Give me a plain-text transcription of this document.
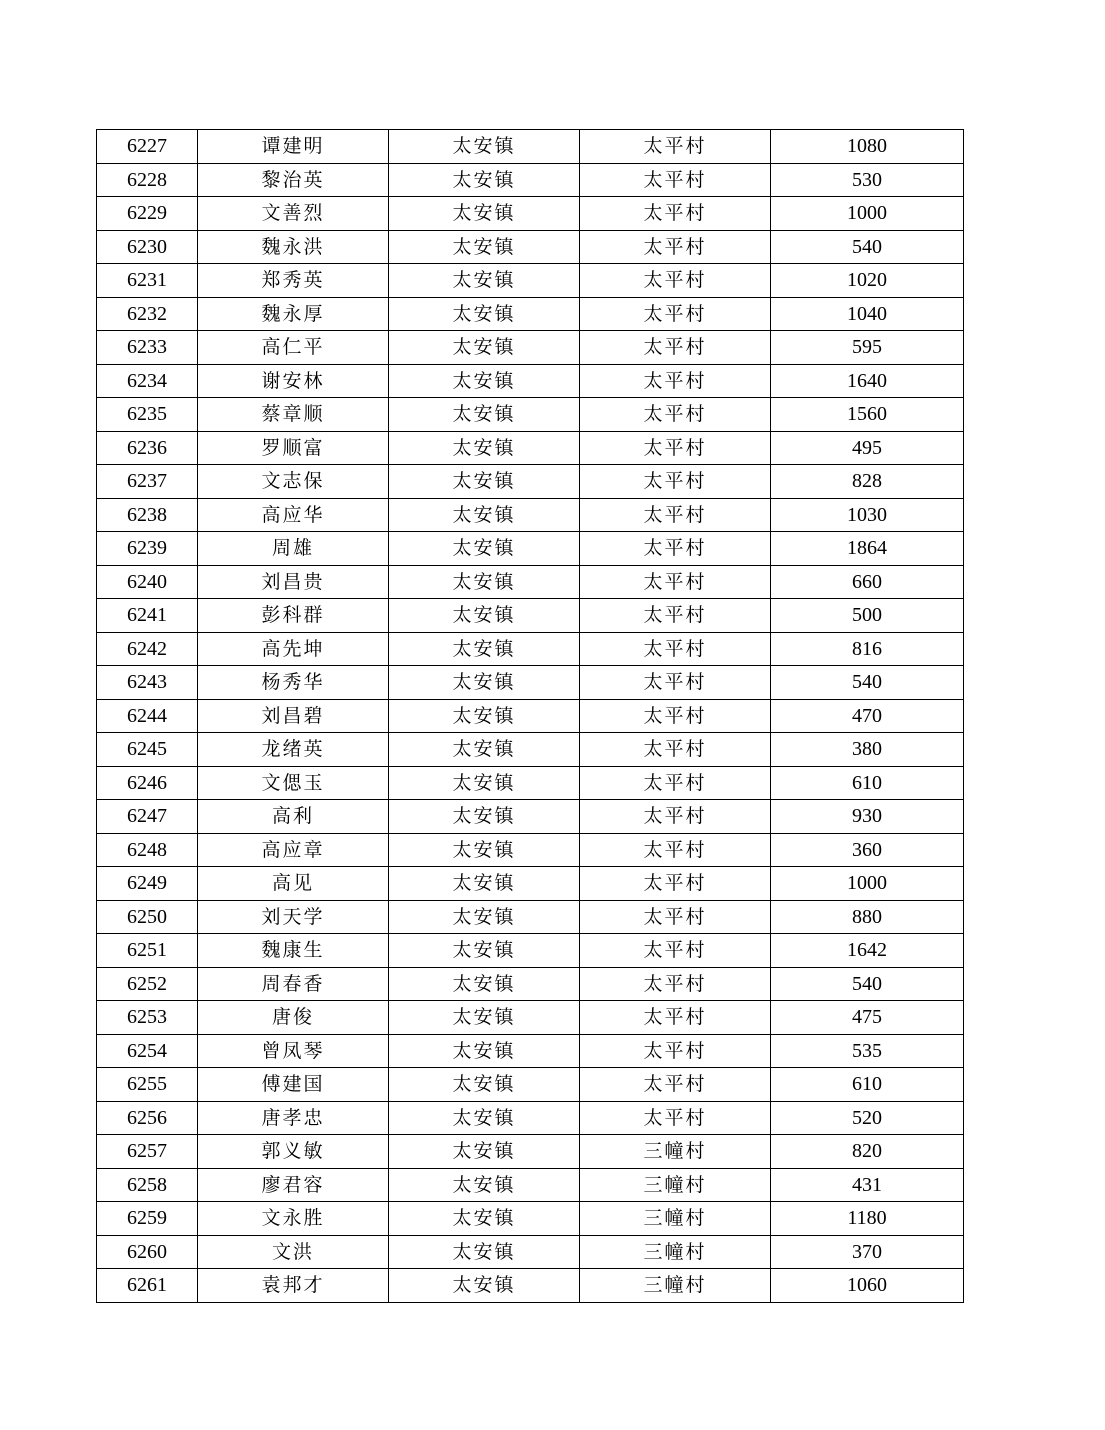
6227	谭建明	太安镇	太平村	1080
6228	黎治英	太安镇	太平村	530
6229	文善烈	太安镇	太平村	1000
6230	魏永洪	太安镇	太平村	540
6231	郑秀英	太安镇	太平村	1020
6232	魏永厚	太安镇	太平村	1040
6233	高仁平	太安镇	太平村	595
6234	谢安林	太安镇	太平村	1640
6235	蔡章顺	太安镇	太平村	1560
6236	罗顺富	太安镇	太平村	495
6237	文志保	太安镇	太平村	828
6238	高应华	太安镇	太平村	1030
6239	周雄	太安镇	太平村	1864
6240	刘昌贵	太安镇	太平村	660
6241	彭科群	太安镇	太平村	500
6242	高先坤	太安镇	太平村	816
6243	杨秀华	太安镇	太平村	540
6244	刘昌碧	太安镇	太平村	470
6245	龙绪英	太安镇	太平村	380
6246	文偲玉	太安镇	太平村	610
6247	高利	太安镇	太平村	930
6248	高应章	太安镇	太平村	360
6249	高见	太安镇	太平村	1000
6250	刘天学	太安镇	太平村	880
6251	魏康生	太安镇	太平村	1642
6252	周春香	太安镇	太平村	540
6253	唐俊	太安镇	太平村	475
6254	曾凤琴	太安镇	太平村	535
6255	傅建国	太安镇	太平村	610
6256	唐孝忠	太安镇	太平村	520
6257	郭义敏	太安镇	三幢村	820
6258	廖君容	太安镇	三幢村	431
6259	文永胜	太安镇	三幢村	1180
6260	文洪	太安镇	三幢村	370
6261	袁邦才	太安镇	三幢村	1060
